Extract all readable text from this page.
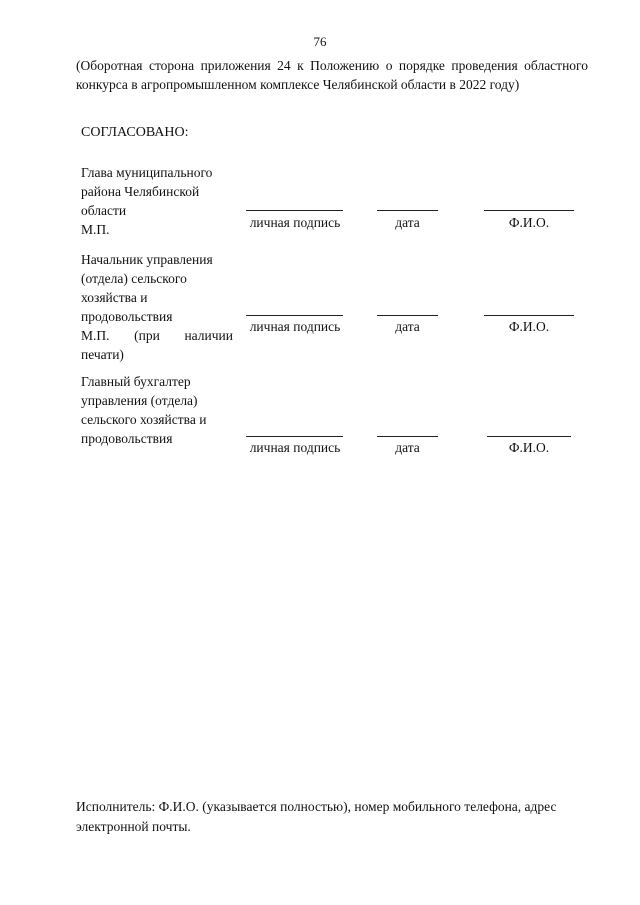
76
(Оборотная сторона приложения 24 к Положению о порядке проведения областного конкурса в агропромышленном комплексе Челябинской области в 2022 году)
СОГЛАСОВАНО:
Глава муниципального
района Челябинской
области
М.П.	личная подпись	дата	Ф.И.О.
Начальник управления
(отдела) сельского
хозяйства и
продовольствия
М.П. (при наличии
печати)
личная подпись	дата	Ф.И.О.
Главный бухгалтер
управления (отдела)
сельского хозяйства и
продовольствия
личная подпись	дата	Ф.И.О.
Исполнитель: Ф.И.О. (указывается полностью), номер мобильного телефона, адрес электронной почты.
